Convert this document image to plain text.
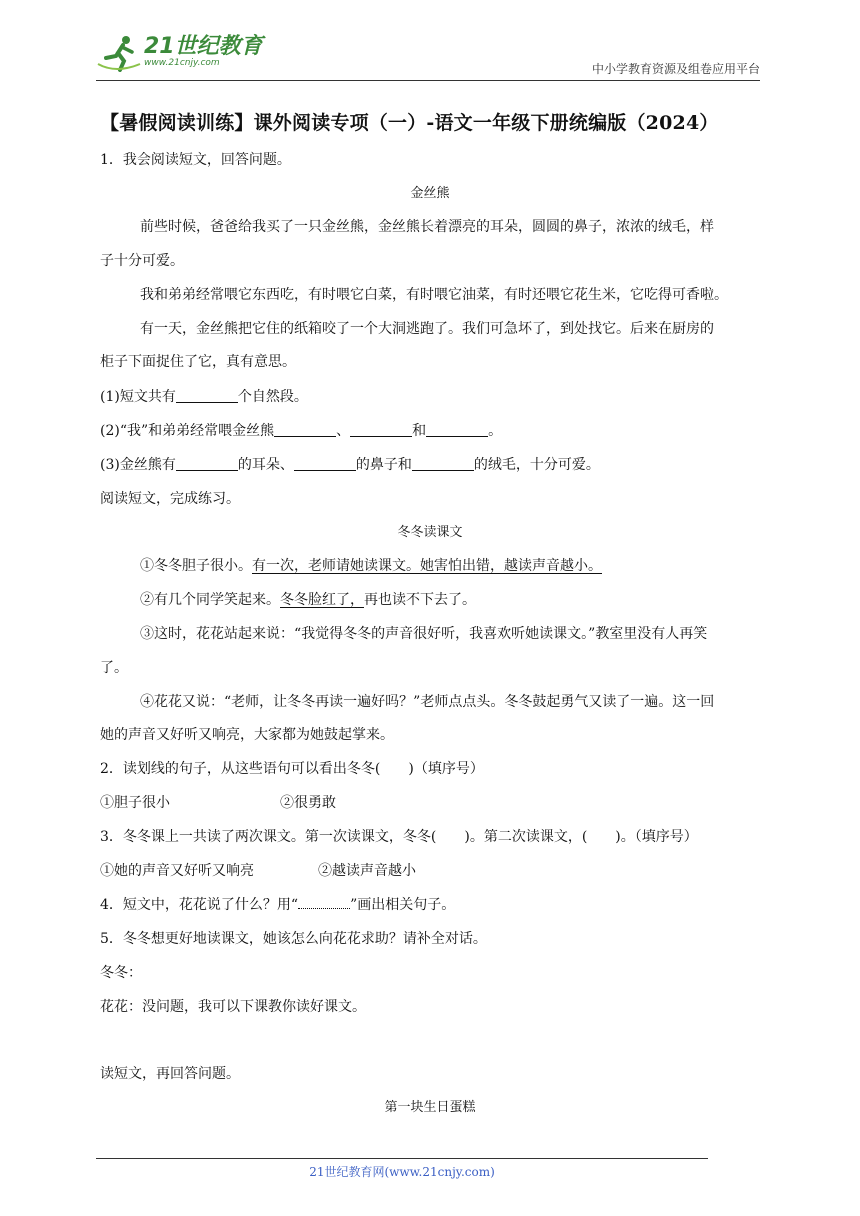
21世纪教育
www.21cnjy.com	中小学教育资源及组卷应用平台
【暑假阅读训练】课外阅读专项（一）-语文一年级下册统编版（2024）
1．我会阅读短文，回答问题。
金丝熊
前些时候，爸爸给我买了一只金丝熊，金丝熊长着漂亮的耳朵，圆圆的鼻子，浓浓的绒毛，样
子十分可爱。
我和弟弟经常喂它东西吃，有时喂它白菜，有时喂它油菜，有时还喂它花生米，它吃得可香啦。
有一天，金丝熊把它住的纸箱咬了一个大洞逃跑了。我们可急坏了，到处找它。后来在厨房的
柜子下面捉住了它，真有意思。
(1)短文共有	个自然段。
(2)“我”和弟弟经常喂金丝熊	、	和	。
(3)金丝熊有	的耳朵、	的鼻子和	的绒毛，十分可爱。
阅读短文，完成练习。
冬冬读课文
①冬冬胆子很小。有一次，老师请她读课文。她害怕出错，越读声音越小。
②有几个同学笑起来。冬冬脸红了，再也读不下去了。
③这时，花花站起来说：“我觉得冬冬的声音很好听，我喜欢听她读课文。”教室里没有人再笑
了。
④花花又说：“老师，让冬冬再读一遍好吗？”老师点点头。冬冬鼓起勇气又读了一遍。这一回
她的声音又好听又响亮，大家都为她鼓起掌来。
2．读划线的句子，从这些语句可以看出冬冬(　　)（填序号）
①胆子很小	②很勇敢
3．冬冬课上一共读了两次课文。第一次读课文，冬冬(　　)。第二次读课文，(　　)。（填序号）
①她的声音又好听又响亮	②越读声音越小
4．短文中，花花说了什么？用“	”画出相关句子。
5．冬冬想更好地读课文，她该怎么向花花求助？请补全对话。
冬冬：
花花：没问题，我可以下课教你读好课文。
读短文，再回答问题。
第一块生日蛋糕
21世纪教育网(www.21cnjy.com)
